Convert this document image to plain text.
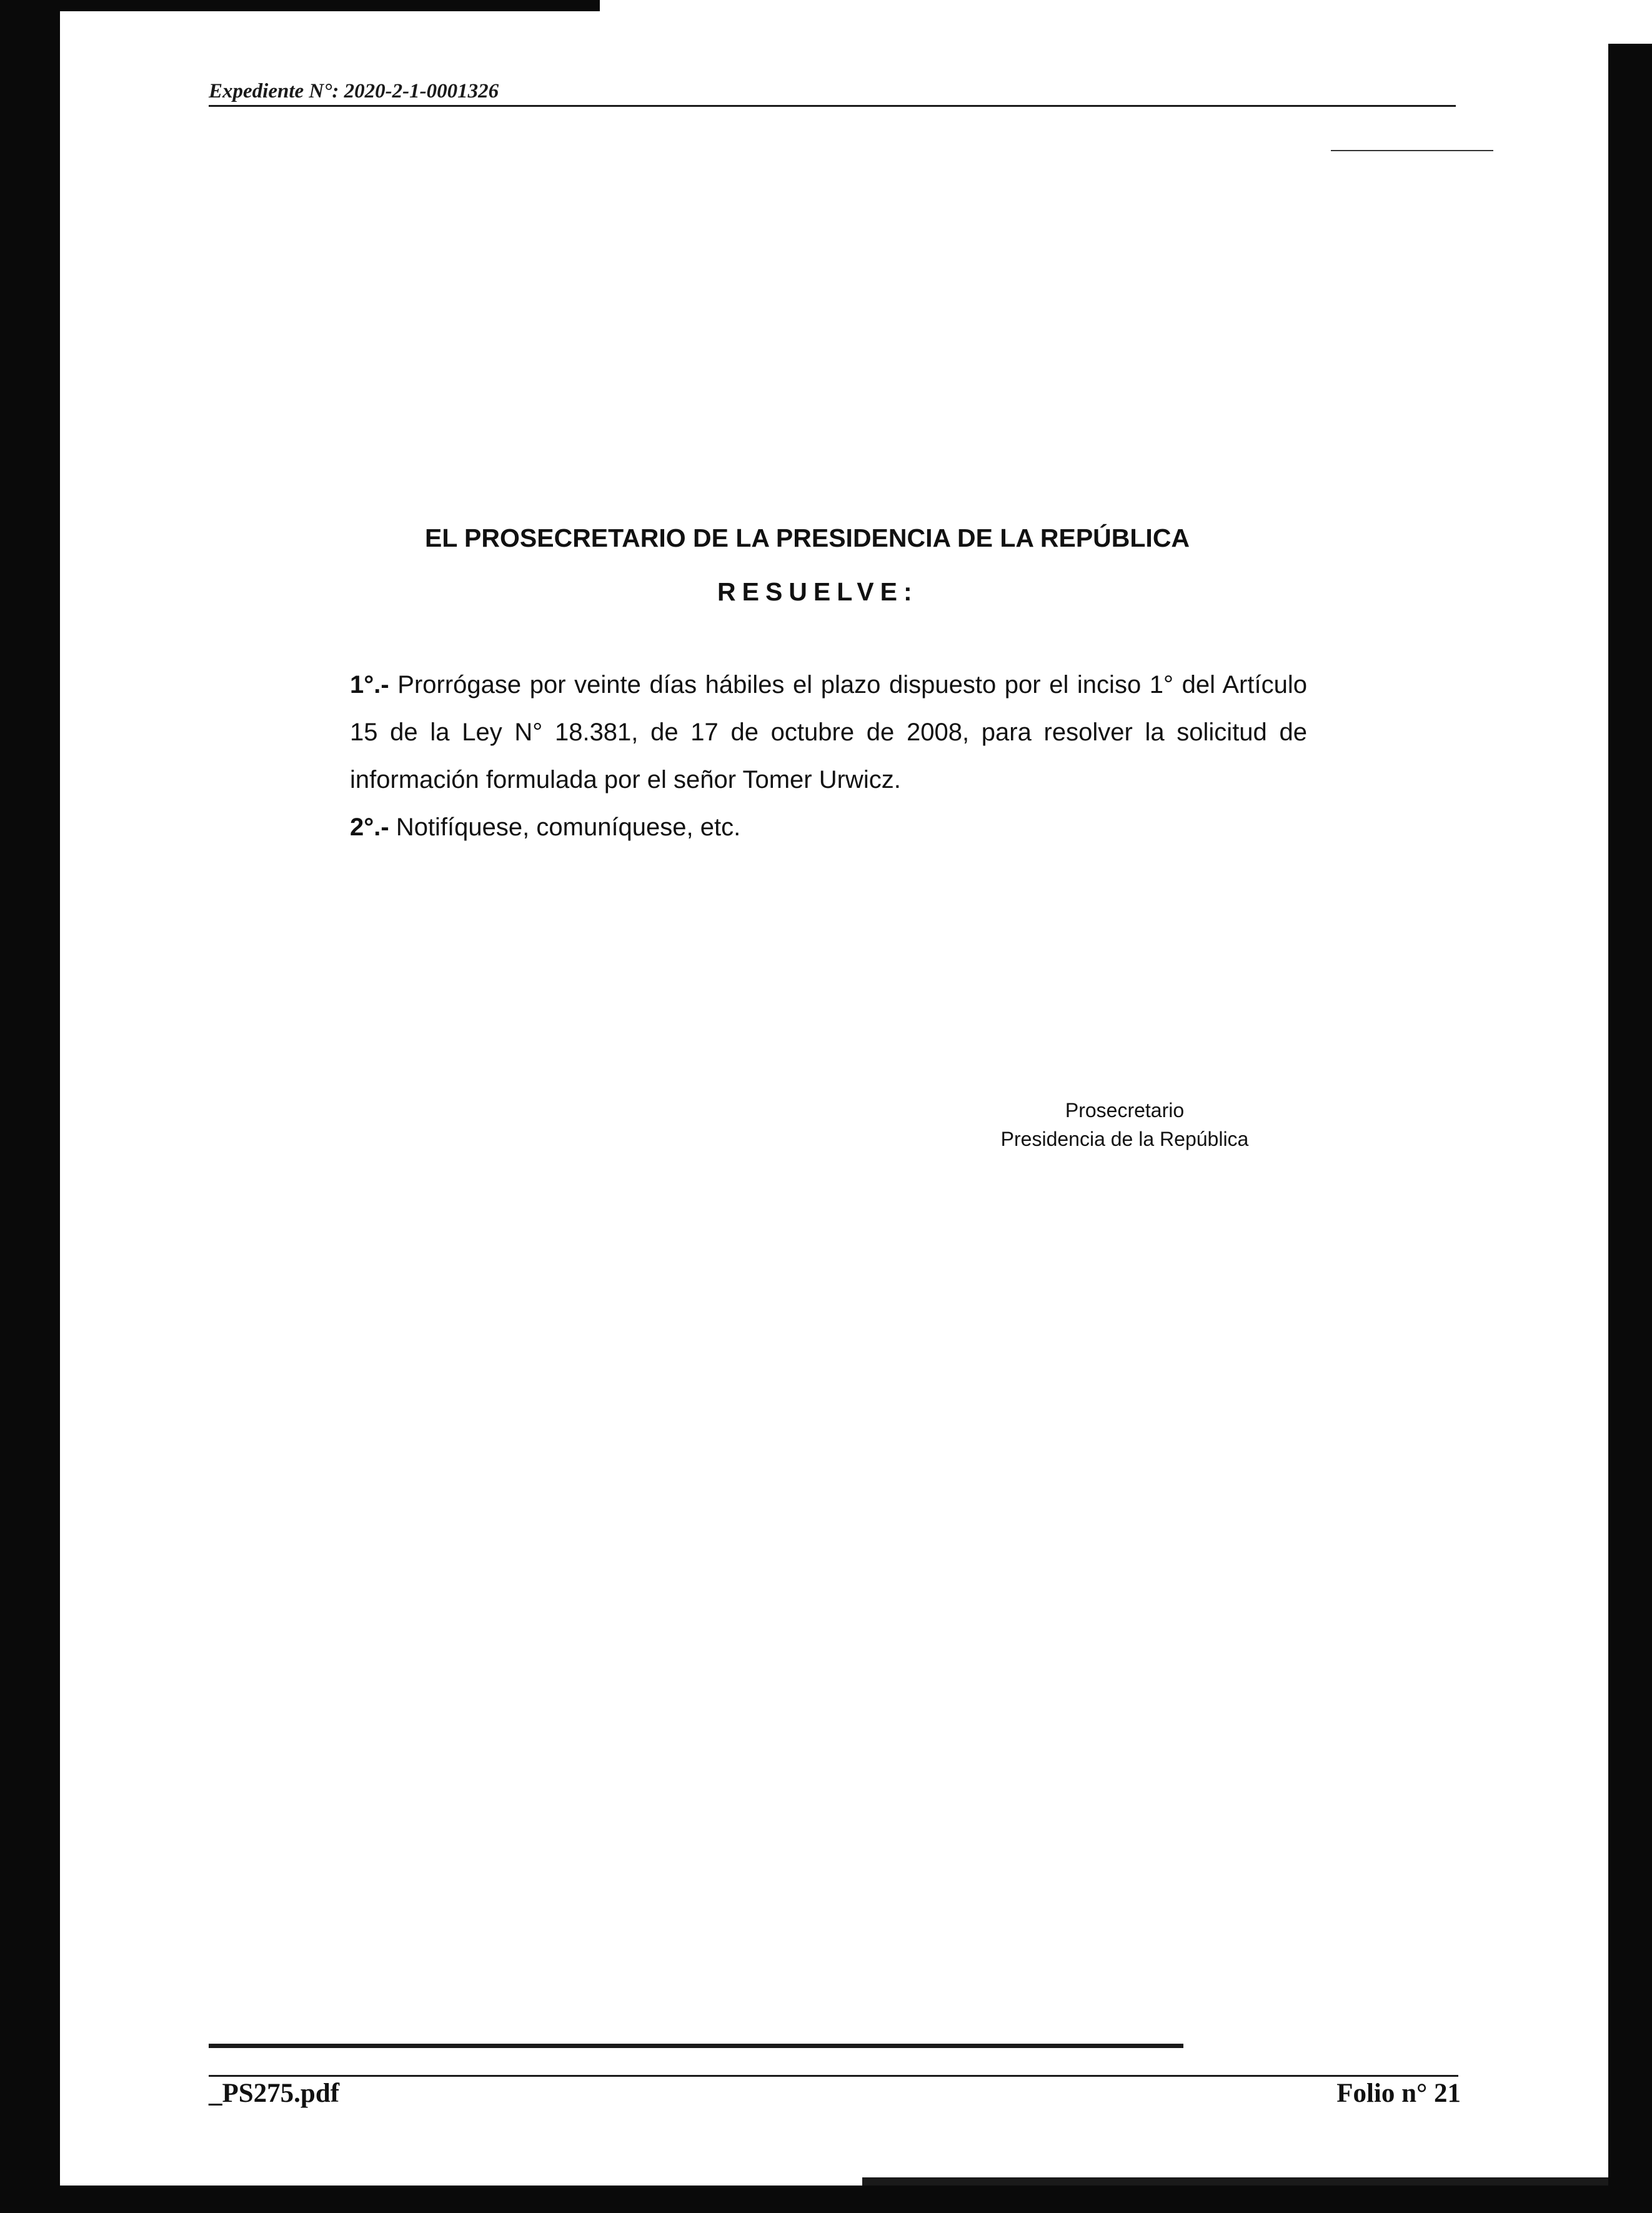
Expediente N°: 2020-2-1-0001326
EL PROSECRETARIO DE LA PRESIDENCIA DE LA REPÚBLICA
RESUELVE:

1°.- Prorrógase por veinte días hábiles el plazo dispuesto por el inciso 1° del Artículo 15 de la Ley N° 18.381, de 17 de octubre de 2008, para resolver la solicitud de información formulada por el señor Tomer Urwicz.

2°.- Notifíquese, comuníquese, etc.

Prosecretario
Presidencia de la República
_PS275.pdf	Folio n° 21
